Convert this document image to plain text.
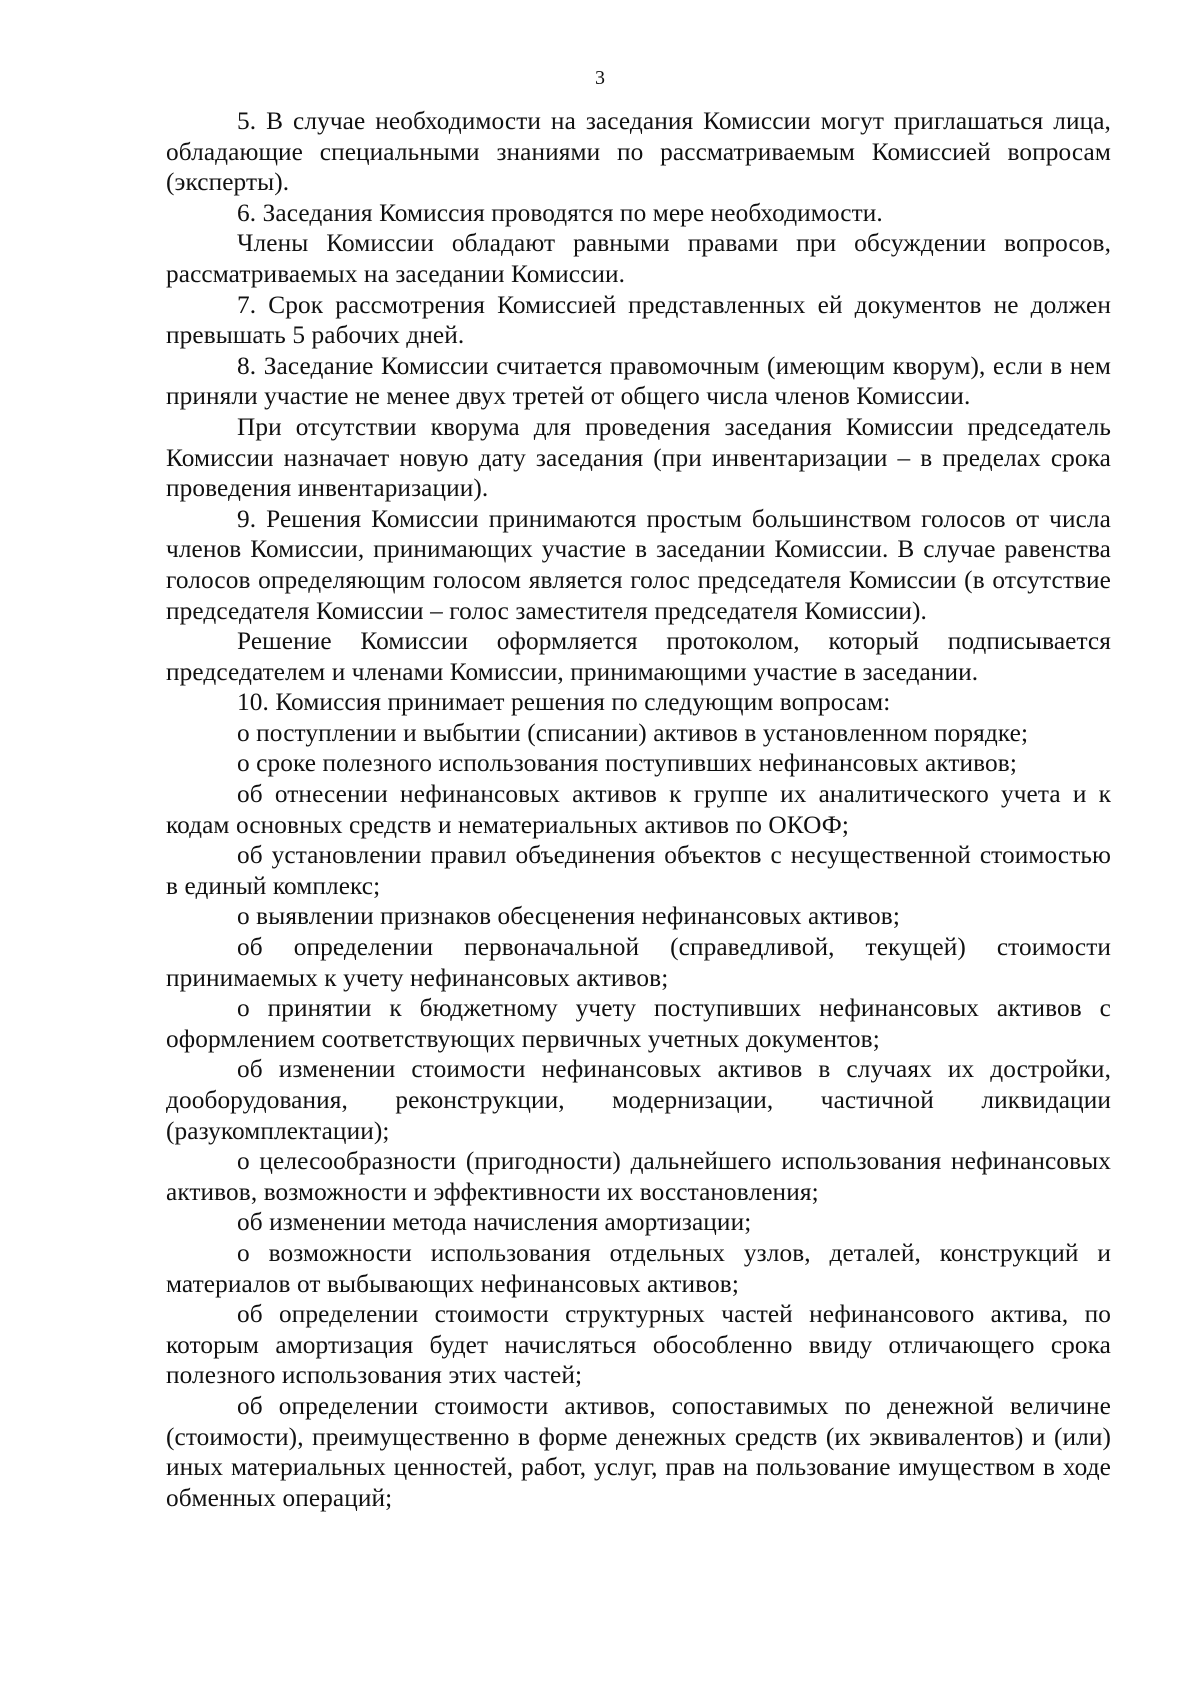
3

5. В случае необходимости на заседания Комиссии могут приглашаться лица, обладающие специальными знаниями по рассматриваемым Комиссией вопросам (эксперты).

6. Заседания Комиссия проводятся по мере необходимости.

Члены Комиссии обладают равными правами при обсуждении вопросов, рассматриваемых на заседании Комиссии.

7. Срок рассмотрения Комиссией представленных ей документов не должен превышать 5 рабочих дней.

8. Заседание Комиссии считается правомочным (имеющим кворум), если в нем приняли участие не менее двух третей от общего числа членов Комиссии.

При отсутствии кворума для проведения заседания Комиссии председатель Комиссии назначает новую дату заседания (при инвентаризации – в пределах срока проведения инвентаризации).

9. Решения Комиссии принимаются простым большинством голосов от числа членов Комиссии, принимающих участие в заседании Комиссии. В случае равенства голосов определяющим голосом является голос председателя Комиссии (в отсутствие председателя Комиссии – голос заместителя председателя Комиссии).

Решение Комиссии оформляется протоколом, который подписывается председателем и членами Комиссии, принимающими участие в заседании.

10. Комиссия принимает решения по следующим вопросам:

о поступлении и выбытии (списании) активов в установленном порядке;

о сроке полезного использования поступивших нефинансовых активов;

об отнесении нефинансовых активов к группе их аналитического учета и к кодам основных средств и нематериальных активов по ОКОФ;

об установлении правил объединения объектов с несущественной стоимостью в единый комплекс;

о выявлении признаков обесценения нефинансовых активов;

об определении первоначальной (справедливой, текущей) стоимости принимаемых к учету нефинансовых активов;

о принятии к бюджетному учету поступивших нефинансовых активов с оформлением соответствующих первичных учетных документов;

об изменении стоимости нефинансовых активов в случаях их достройки, дооборудования, реконструкции, модернизации, частичной ликвидации (разукомплектации);

о целесообразности (пригодности) дальнейшего использования нефинансовых активов, возможности и эффективности их восстановления;

об изменении метода начисления амортизации;

о возможности использования отдельных узлов, деталей, конструкций и материалов от выбывающих нефинансовых активов;

об определении стоимости структурных частей нефинансового актива, по которым амортизация будет начисляться обособленно ввиду отличающего срока полезного использования этих частей;

об определении стоимости активов, сопоставимых по денежной величине (стоимости), преимущественно в форме денежных средств (их эквивалентов) и (или) иных материальных ценностей, работ, услуг, прав на пользование имуществом в ходе обменных операций;
